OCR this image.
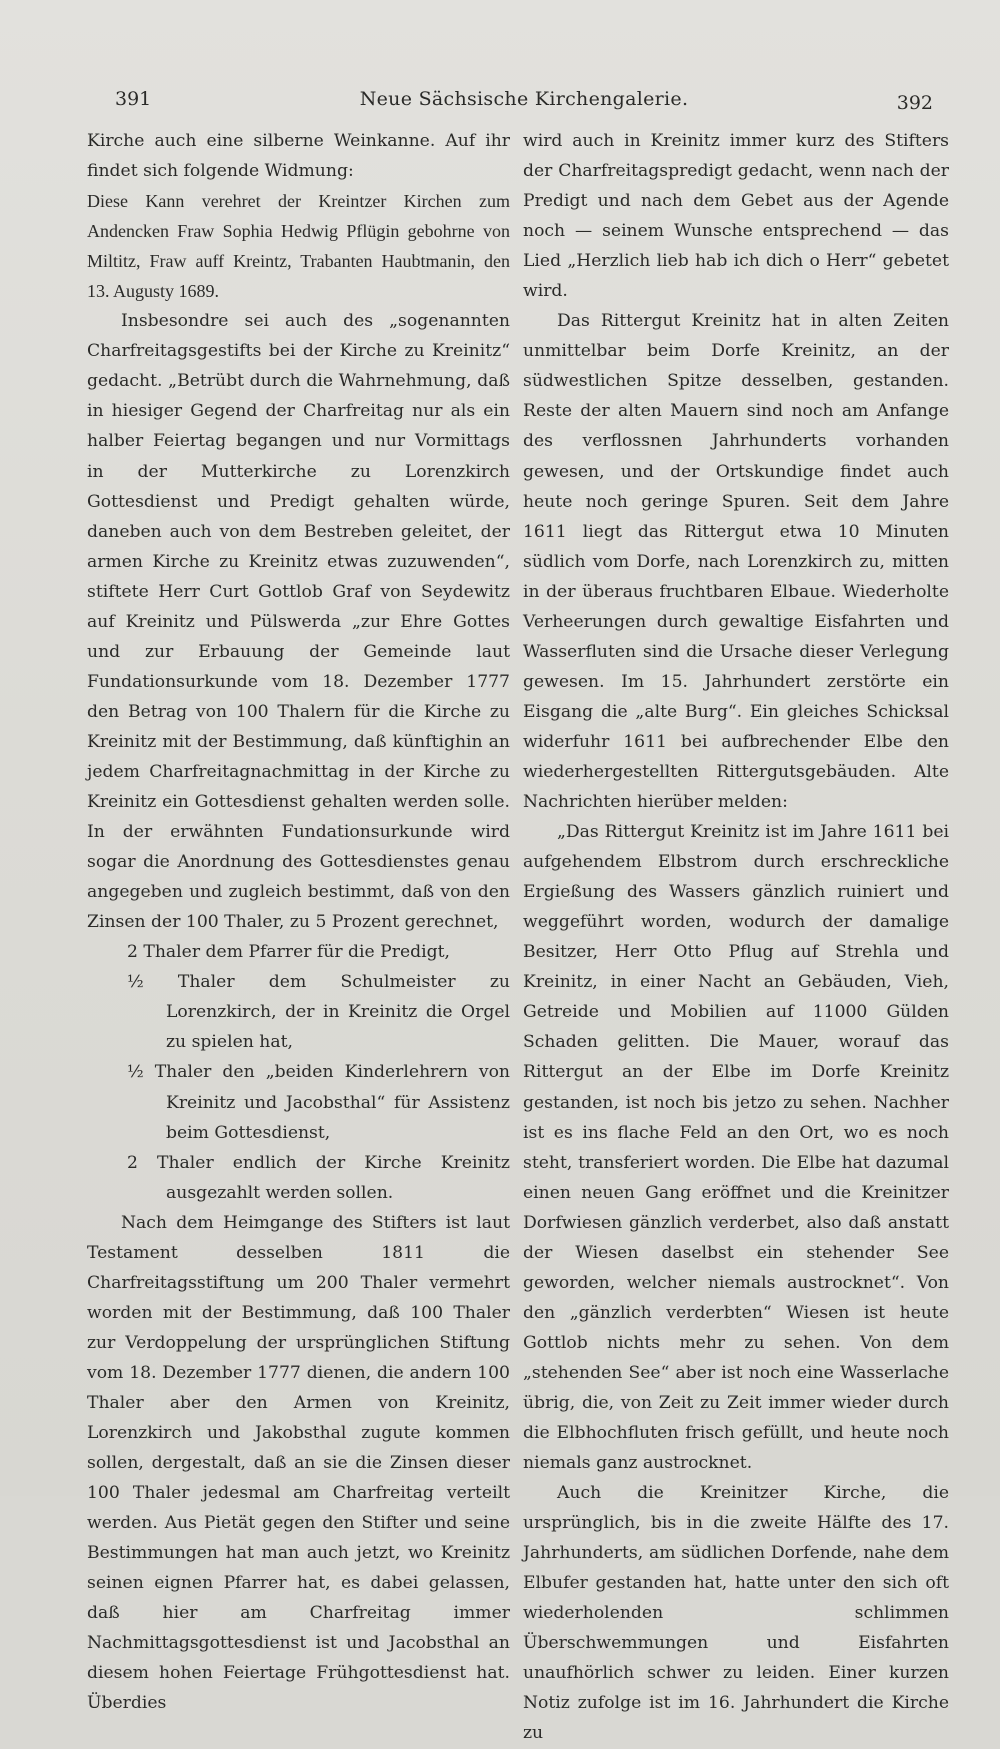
391	Neue Sächsische Kirchengalerie.	392

Kirche auch eine silberne Weinkanne. Auf ihr findet sich folgende Widmung:

Diese Kann verehret der Kreintzer Kirchen zum Andencken Fraw Sophia Hedwig Pflügin gebohrne von Miltitz, Fraw auff Kreintz, Trabanten Haubtmanin, den 13. Augusty 1689.

Insbesondre sei auch des „sogenannten Charfreitagsgestifts bei der Kirche zu Kreinitz“ gedacht. „Betrübt durch die Wahrnehmung, daß in hiesiger Gegend der Charfreitag nur als ein halber Feiertag begangen und nur Vormittags in der Mutterkirche zu Lorenzkirch Gottesdienst und Predigt gehalten würde, daneben auch von dem Bestreben geleitet, der armen Kirche zu Kreinitz etwas zuzuwenden“, stiftete Herr Curt Gottlob Graf von Seydewitz auf Kreinitz und Pülswerda „zur Ehre Gottes und zur Erbauung der Gemeinde laut Fundationsurkunde vom 18. Dezember 1777 den Betrag von 100 Thalern für die Kirche zu Kreinitz mit der Bestimmung, daß künftighin an jedem Charfreitagnachmittag in der Kirche zu Kreinitz ein Gottesdienst gehalten werden solle. In der erwähnten Fundationsurkunde wird sogar die Anordnung des Gottesdienstes genau angegeben und zugleich bestimmt, daß von den Zinsen der 100 Thaler, zu 5 Prozent gerechnet,

2 Thaler dem Pfarrer für die Predigt,

½ Thaler dem Schulmeister zu Lorenzkirch, der in Kreinitz die Orgel zu spielen hat,

½ Thaler den „beiden Kinderlehrern von Kreinitz und Jacobsthal“ für Assistenz beim Gottesdienst,

2 Thaler endlich der Kirche Kreinitz ausgezahlt werden sollen.

Nach dem Heimgange des Stifters ist laut Testament desselben 1811 die Charfreitagsstiftung um 200 Thaler vermehrt worden mit der Bestimmung, daß 100 Thaler zur Verdoppelung der ursprünglichen Stiftung vom 18. Dezember 1777 dienen, die andern 100 Thaler aber den Armen von Kreinitz, Lorenzkirch und Jakobsthal zugute kommen sollen, dergestalt, daß an sie die Zinsen dieser 100 Thaler jedesmal am Charfreitag verteilt werden. Aus Pietät gegen den Stifter und seine Bestimmungen hat man auch jetzt, wo Kreinitz seinen eignen Pfarrer hat, es dabei gelassen, daß hier am Charfreitag immer Nachmittagsgottesdienst ist und Jacobsthal an diesem hohen Feiertage Frühgottesdienst hat. Überdies

wird auch in Kreinitz immer kurz des Stifters der Charfreitagspredigt gedacht, wenn nach der Predigt und nach dem Gebet aus der Agende noch — seinem Wunsche entsprechend — das Lied „Herzlich lieb hab ich dich o Herr“ gebetet wird.

Das Rittergut Kreinitz hat in alten Zeiten unmittelbar beim Dorfe Kreinitz, an der südwestlichen Spitze desselben, gestanden. Reste der alten Mauern sind noch am Anfange des verflossnen Jahrhunderts vorhanden gewesen, und der Ortskundige findet auch heute noch geringe Spuren. Seit dem Jahre 1611 liegt das Rittergut etwa 10 Minuten südlich vom Dorfe, nach Lorenzkirch zu, mitten in der überaus fruchtbaren Elbaue. Wiederholte Verheerungen durch gewaltige Eisfahrten und Wasserfluten sind die Ursache dieser Verlegung gewesen. Im 15. Jahrhundert zerstörte ein Eisgang die „alte Burg“. Ein gleiches Schicksal widerfuhr 1611 bei aufbrechender Elbe den wiederhergestellten Rittergutsgebäuden. Alte Nachrichten hierüber melden:

„Das Rittergut Kreinitz ist im Jahre 1611 bei aufgehendem Elbstrom durch erschreckliche Ergießung des Wassers gänzlich ruiniert und weggeführt worden, wodurch der damalige Besitzer, Herr Otto Pflug auf Strehla und Kreinitz, in einer Nacht an Gebäuden, Vieh, Getreide und Mobilien auf 11000 Gülden Schaden gelitten. Die Mauer, worauf das Rittergut an der Elbe im Dorfe Kreinitz gestanden, ist noch bis jetzo zu sehen. Nachher ist es ins flache Feld an den Ort, wo es noch steht, transferiert worden. Die Elbe hat dazumal einen neuen Gang eröffnet und die Kreinitzer Dorfwiesen gänzlich verderbet, also daß anstatt der Wiesen daselbst ein stehender See geworden, welcher niemals austrocknet“. Von den „gänzlich verderbten“ Wiesen ist heute Gottlob nichts mehr zu sehen. Von dem „stehenden See“ aber ist noch eine Wasserlache übrig, die, von Zeit zu Zeit immer wieder durch die Elbhochfluten frisch gefüllt, und heute noch niemals ganz austrocknet.

Auch die Kreinitzer Kirche, die ursprünglich, bis in die zweite Hälfte des 17. Jahrhunderts, am südlichen Dorfende, nahe dem Elbufer gestanden hat, hatte unter den sich oft wiederholenden schlimmen Überschwemmungen und Eisfahrten unaufhörlich schwer zu leiden. Einer kurzen Notiz zufolge ist im 16. Jahrhundert die Kirche zu
